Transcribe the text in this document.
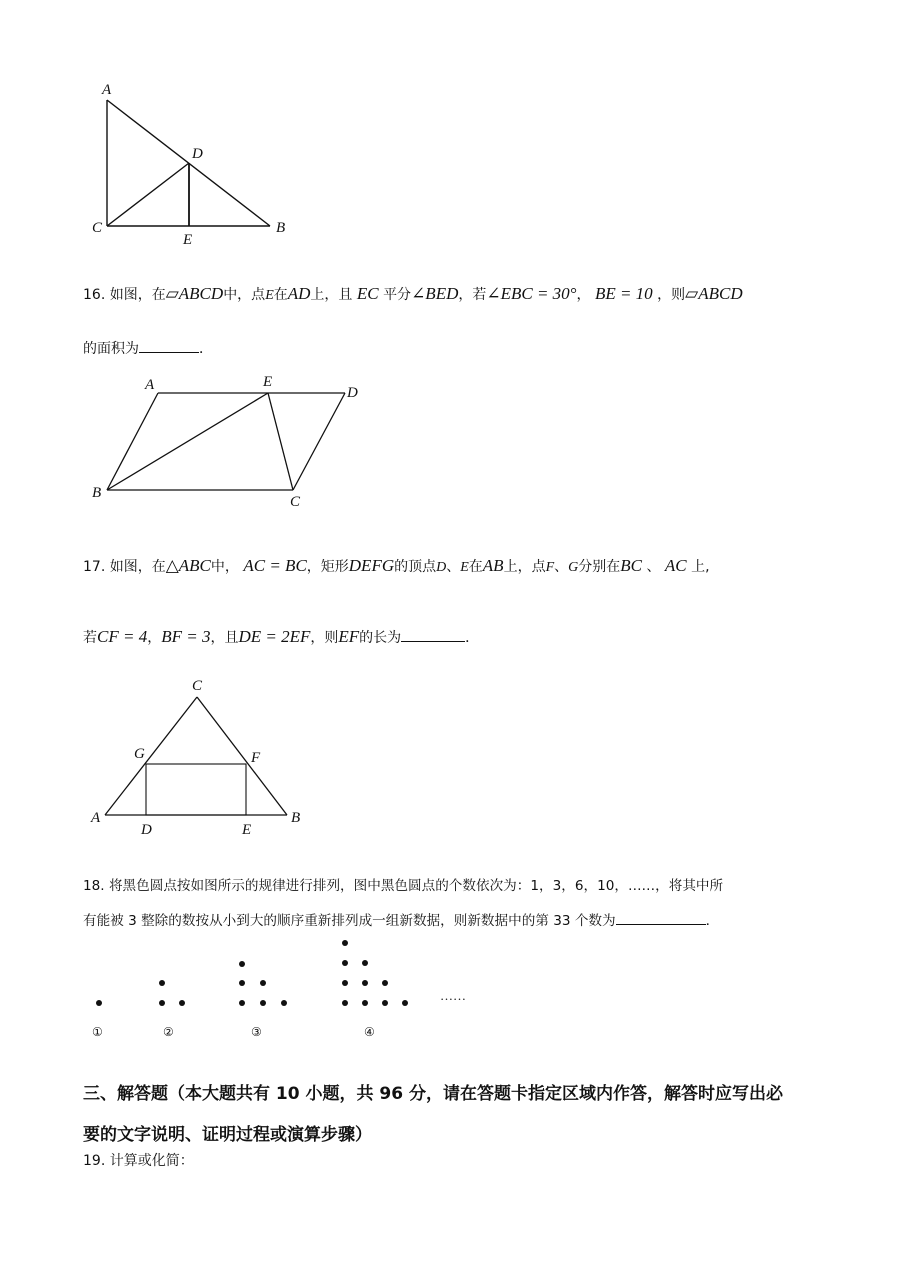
A
D
C
E
B
16. 如图，在▱ABCD中，点E在AD上，且 EC 平分∠BED，若∠EBC = 30°， BE = 10 ，则▱ABCD
的面积为	．
A	E
D
B
C
17. 如图，在△ABC中， AC = BC，矩形DEFG的顶点D、E在AB上，点F、G分别在BC 、 AC 上,
若CF = 4，BF = 3，且DE = 2EF，则EF的长为	．
C
G	F
A
D	E
B
18. 将黑色圆点按如图所示的规律进行排列，图中黑色圆点的个数依次为：1，3，6，10，……，将其中所
有能被 3 整除的数按从小到大的顺序重新排列成一组新数据，则新数据中的第 33 个数为	．
……
①	②	③	④
三、解答题（本大题共有 10 小题，共 96 分，请在答题卡指定区域内作答，解答时应写出必
要的文字说明、证明过程或演算步骤）
19. 计算或化简：
